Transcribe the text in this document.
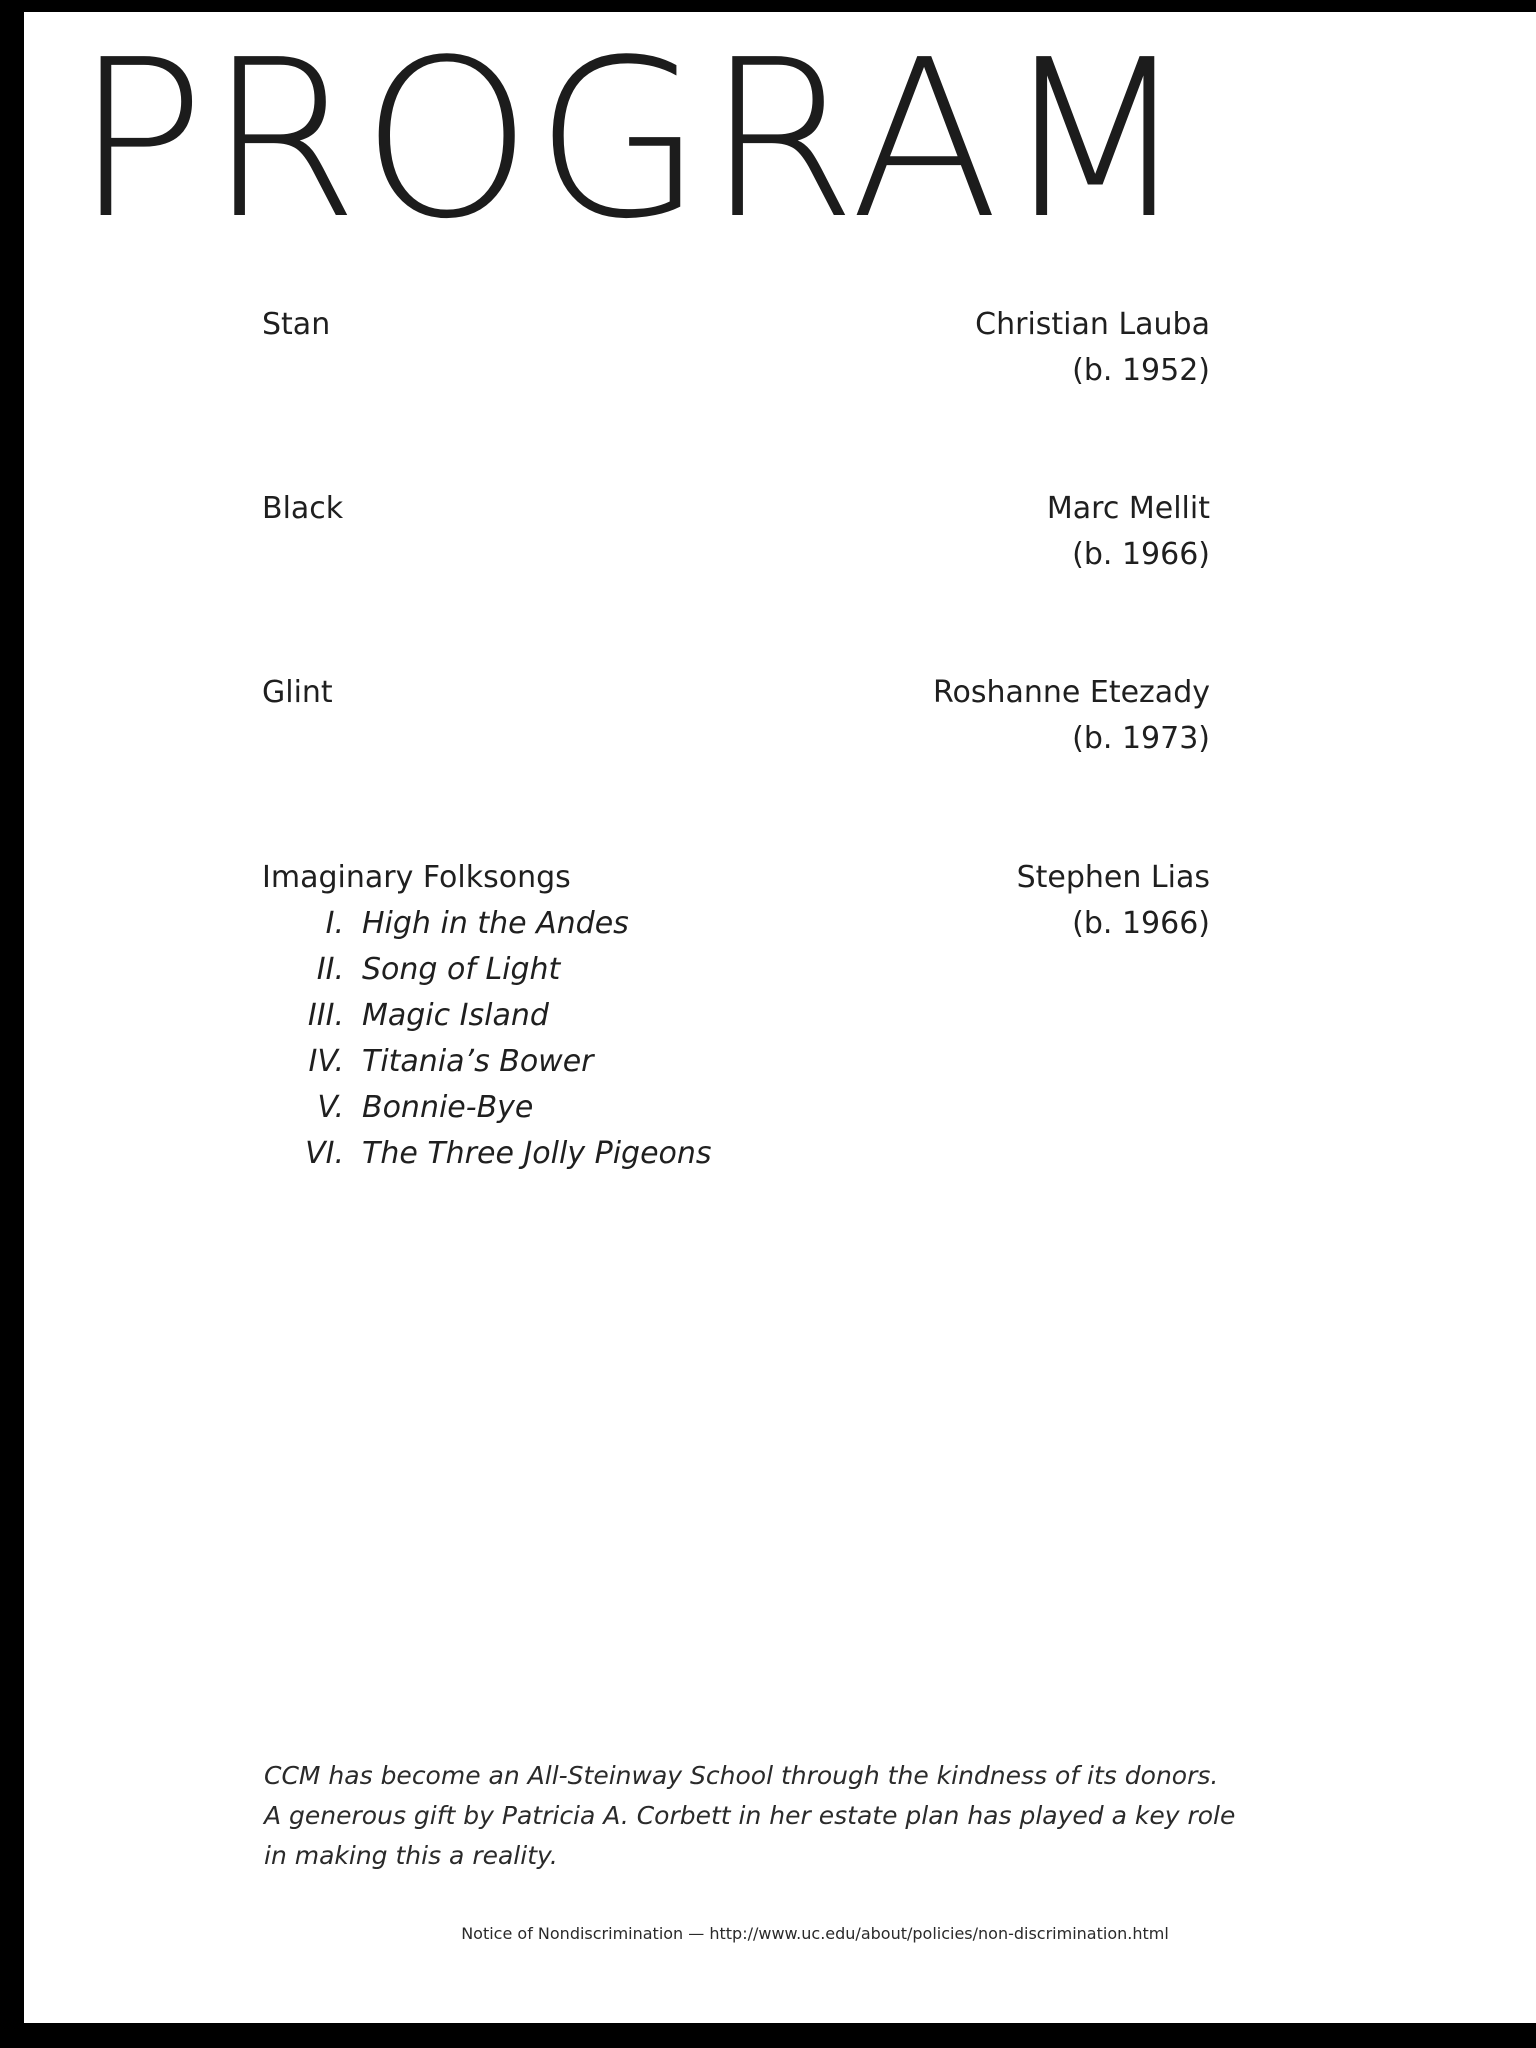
PROGRAM
Stan	Christian Lauba
(b. 1952)
Black	Marc Mellit
(b. 1966)
Glint	Roshanne Etezady
(b. 1973)
Imaginary Folksongs	Stephen Lias
(b. 1966)
I. High in the Andes
II. Song of Light
III. Magic Island
IV. Titania’s Bower
V. Bonnie-Bye
VI. The Three Jolly Pigeons
CCM has become an All-Steinway School through the kindness of its donors.
A generous gift by Patricia A. Corbett in her estate plan has played a key role
in making this a reality.
Notice of Nondiscrimination — http://www.uc.edu/about/policies/non-discrimination.html
